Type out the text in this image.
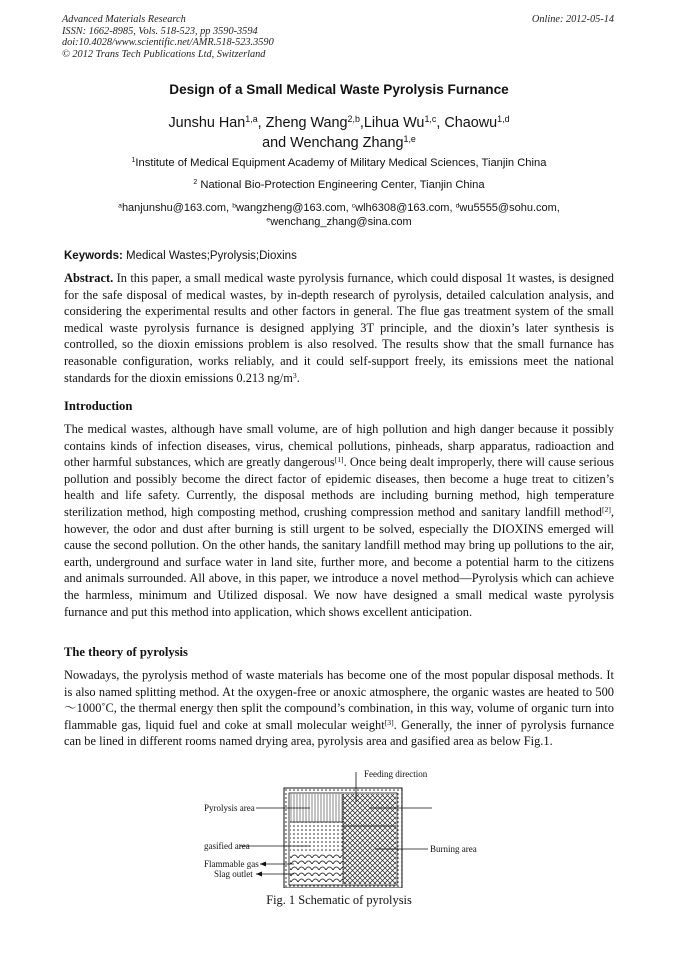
Advanced Materials Research
ISSN: 1662-8985, Vols. 518-523, pp 3590-3594
doi:10.4028/www.scientific.net/AMR.518-523.3590
© 2012 Trans Tech Publications Ltd, Switzerland
Online: 2012-05-14
Design of a Small Medical Waste Pyrolysis Furnance
Junshu Han$^{1,a}$, Zheng Wang$^{2,b}$,Lihua Wu$^{1,c}$, Chaowu$^{1,d}$
and Wenchang Zhang$^{1,e}$
$^1$Institute of Medical Equipment Academy of Military Medical Sciences, Tianjin China
$^2$ National Bio-Protection Engineering Center, Tianjin China
$^a$hanjunshu@163.com, $^b$wangzheng@163.com, $^c$wlh6308@163.com, $^d$wu5555@sohu.com,
$^e$wenchang_zhang@sina.com
Keywords: Medical Wastes;Pyrolysis;Dioxins
Abstract. In this paper, a small medical waste pyrolysis furnance, which could disposal 1t wastes, is designed for the safe disposal of medical wastes, by in-depth research of pyrolysis, detailed calculation analysis, and considering the experimental results and other factors in general. The flue gas treatment system of the small medical waste pyrolysis furnance is designed applying 3T principle, and the dioxin’s later synthesis is controlled, so the dioxin emissions problem is also resolved. The results show that the small furnance has reasonable configuration, works reliably, and it could self-support freely, its emissions meet the national standards for the dioxin emissions 0.213 $ng/m^3$.
Introduction
The medical wastes, although have small volume, are of high pollution and high danger because it possibly contains kinds of infection diseases, virus, chemical pollutions, pinheads, sharp apparatus, radioaction and other harmful substances, which are greatly dangerous[1]. Once being dealt improperly, there will cause serious pollution and possibly become the direct factor of epidemic diseases, then become a huge treat to citizen’s health and life safety. Currently, the disposal methods are including burning method, high temperature sterilization method, high composting method, crushing compression method and sanitary landfill method[2], however, the odor and dust after burning is still urgent to be solved, especially the DIOXINS emerged will cause the second pollution. On the other hands, the sanitary landfill method may bring up pollutions to the air, earth, underground and surface water in land site, further more, and become a potential harm to the citizens and animals surrounded. All above, in this paper, we introduce a novel method—Pyrolysis which can achieve the harmless, minimum and Utilized disposal. We now have designed a small medical waste pyrolysis furnance and put this method into application, which shows excellent anticipation.
The theory of pyrolysis
Nowadays, the pyrolysis method of waste materials has become one of the most popular disposal methods. It is also named splitting method. At the oxygen-free or anoxic atmosphere, the organic wastes are heated to 500～1000˚C, the thermal energy then split the compound’s combination, in this way, volume of organic turn into flammable gas, liquid fuel and coke at small molecular weight[3]. Generally, the inner of pyrolysis furnance can be lined in different rooms named drying area, pyrolysis area and gasified area as below Fig.1.
Feeding direction
Pyrolysis area
gasified area	Burning area
Flammable gas
Slag outlet
Fig. 1 Schematic of pyrolysis
